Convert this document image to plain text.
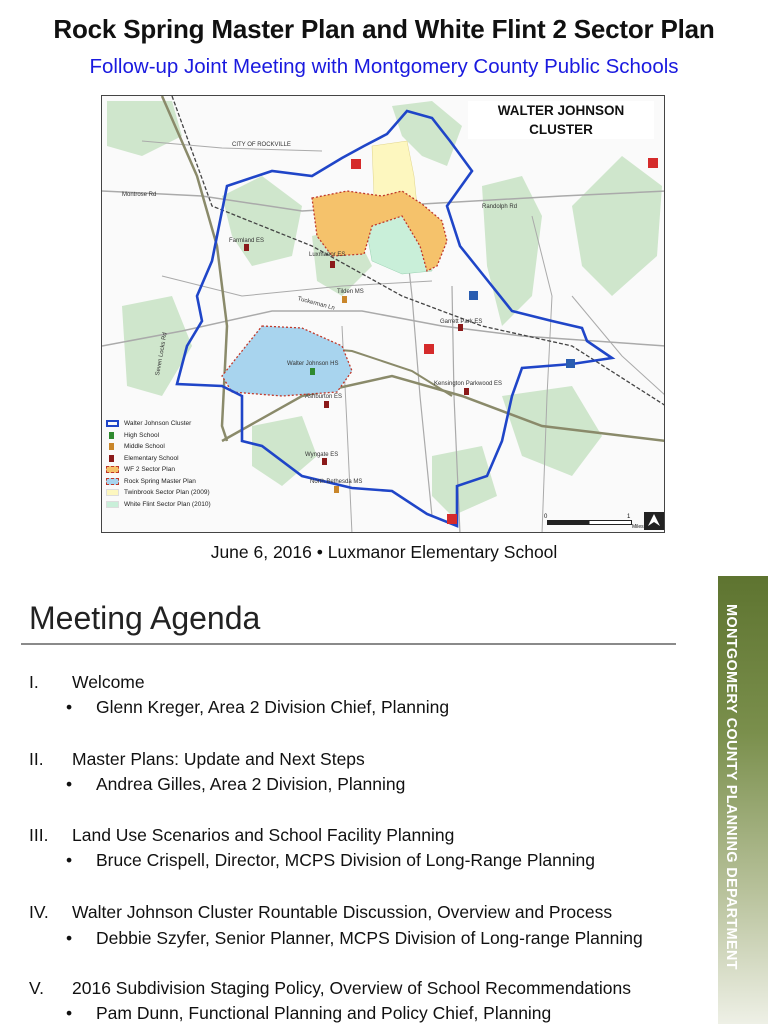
Rock Spring Master Plan and White Flint 2 Sector Plan
Follow-up Joint Meeting with Montgomery County Public Schools
WALTER JOHNSON
CLUSTER
CITY OF ROCKVILLE
Montrose Rd
Randolph Rd
Tuckerman Ln
Seven Locks Rd
Farmland ES
Luxmanor ES
Tilden MS
Garrett Park ES
Walter Johnson HS
Kensington Parkwood ES
Ashburton ES
Wyngate ES
North Bethesda MS
Walter Johnson Cluster
High School
Middle School
Elementary School
WF 2 Sector Plan
Rock Spring Master Plan
Twinbrook Sector Plan (2009)
White Flint Sector Plan (2010)
0	1
Miles
June 6, 2016 • Luxmanor Elementary School
MONTGOMERY COUNTY PLANNING DEPARTMENT
Meeting Agenda
I. Welcome
• Glenn Kreger, Area 2 Division Chief, Planning
II. Master Plans: Update and Next Steps
• Andrea Gilles, Area 2 Division, Planning
III. Land Use Scenarios and School Facility Planning
• Bruce Crispell, Director, MCPS Division of Long-Range Planning
IV. Walter Johnson Cluster Rountable Discussion, Overview and Process
• Debbie Szyfer, Senior Planner, MCPS Division of Long-range Planning
V. 2016 Subdivision Staging Policy, Overview of School Recommendations
• Pam Dunn, Functional Planning and Policy Chief, Planning
